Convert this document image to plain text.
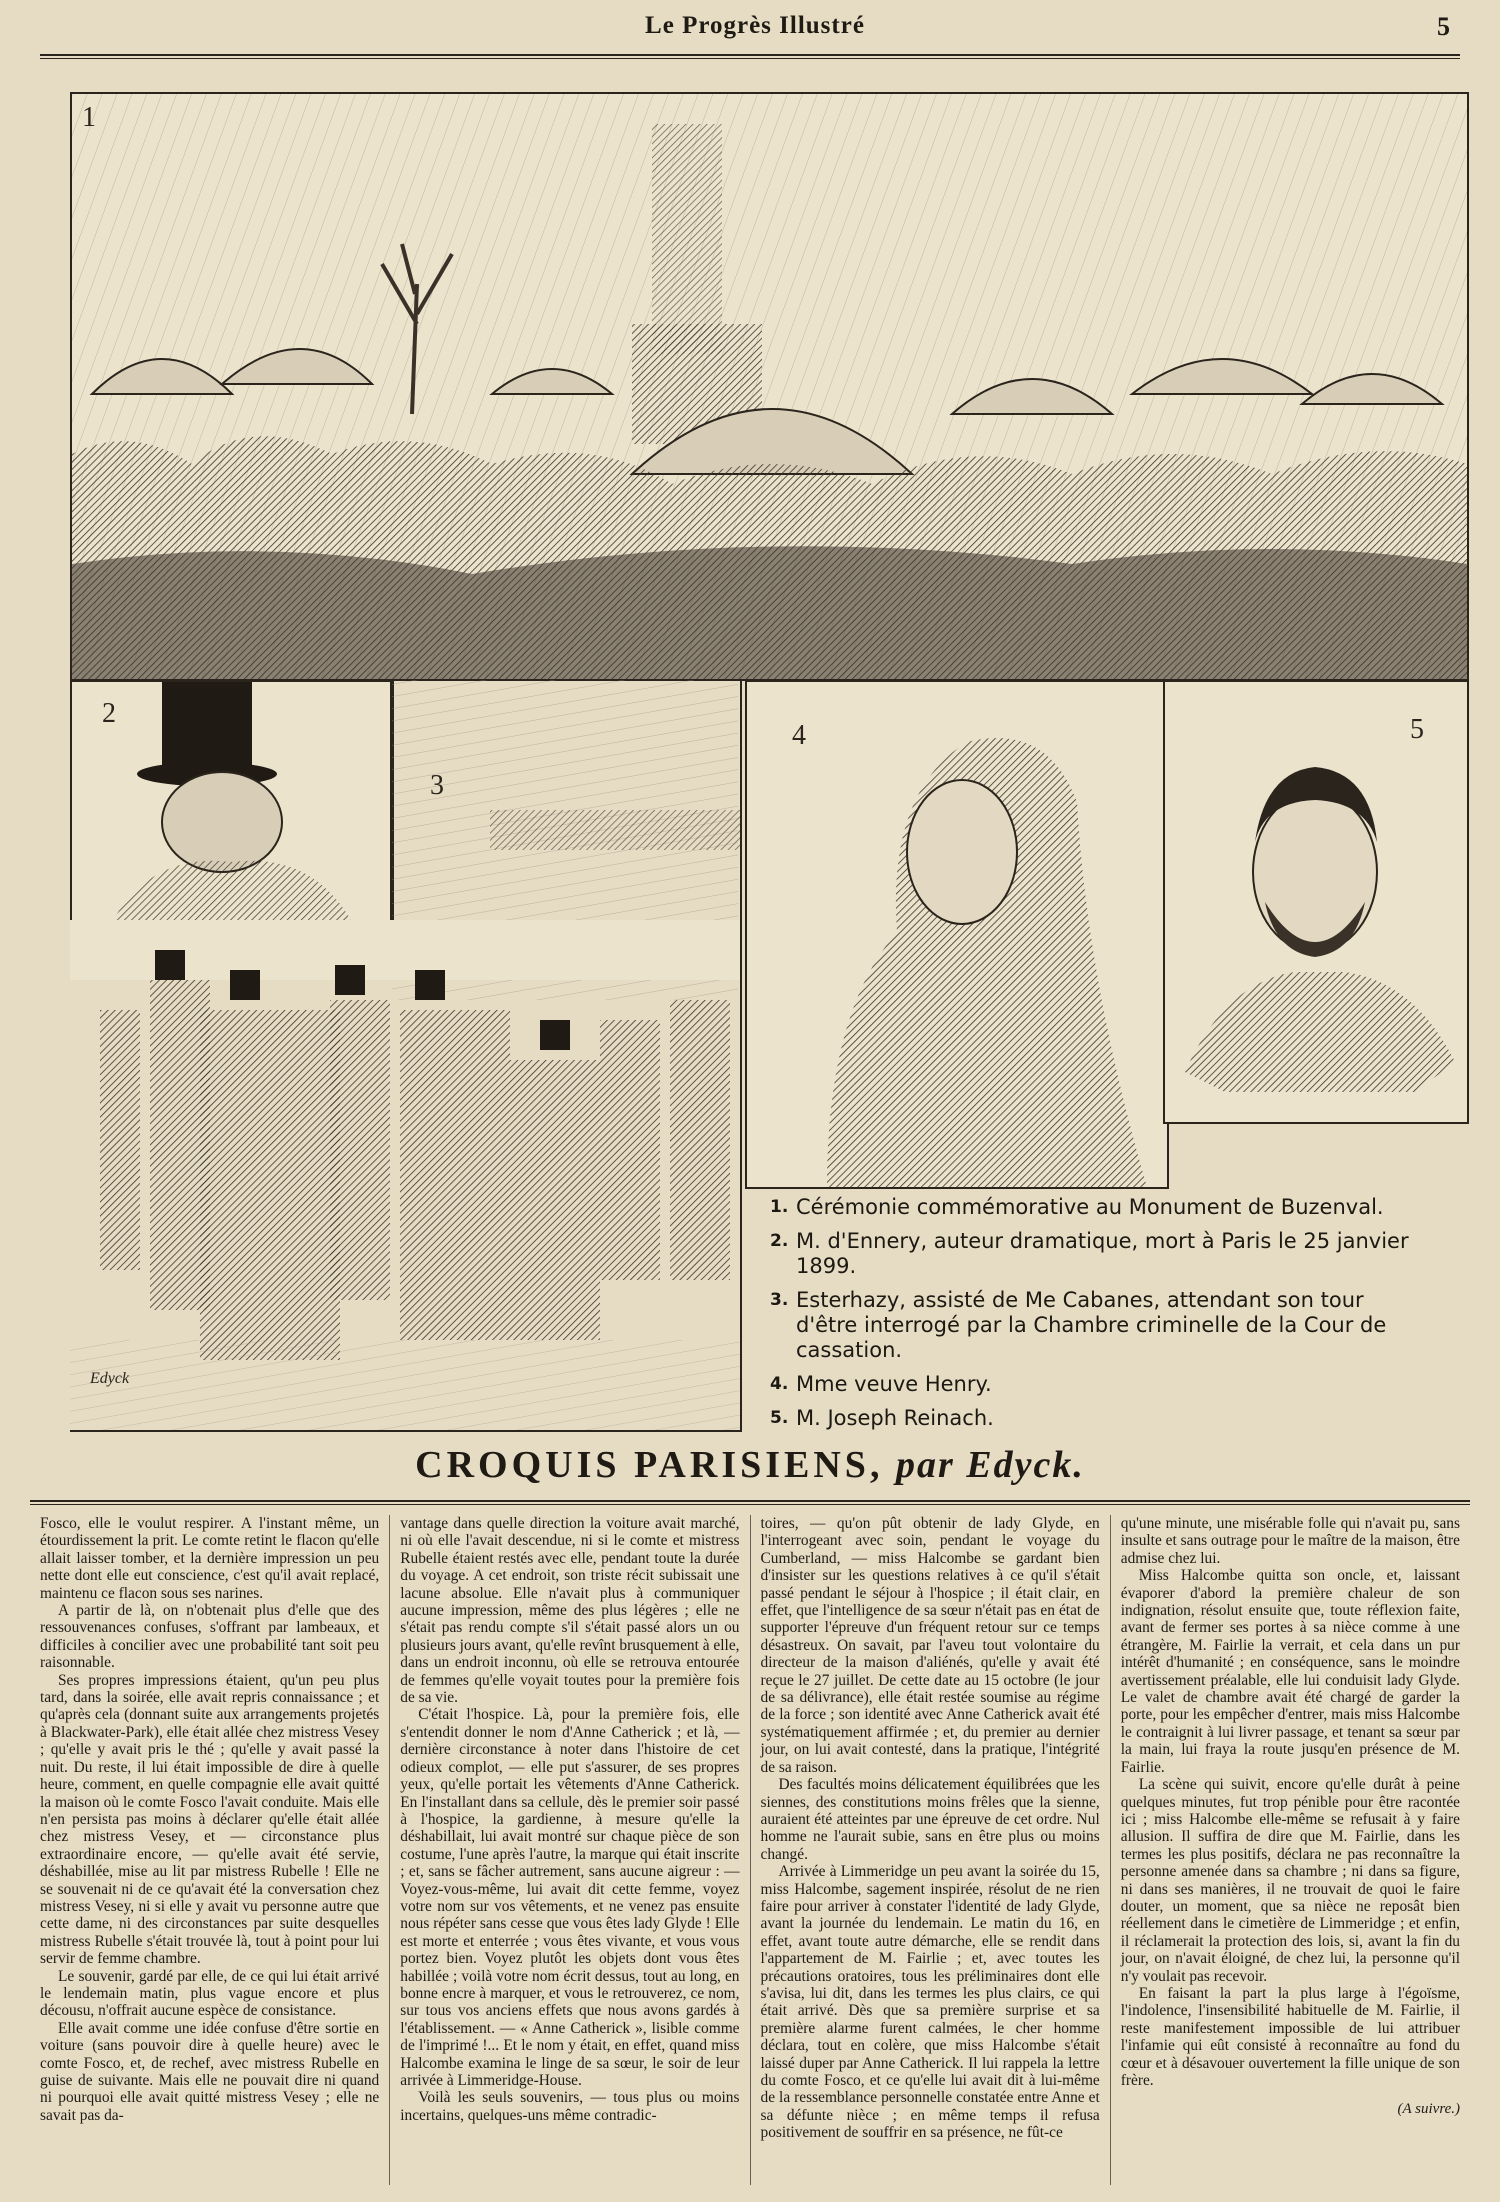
Le Progrès Illustré	5
1
2
3
Edyck
4	5
1. Cérémonie commémorative au Monument de Buzenval.
2. M. d'Ennery, auteur dramatique, mort à Paris le 25 janvier 1899.
3. Esterhazy, assisté de Me Cabanes, attendant son tour d'être interrogé par la Chambre criminelle de la Cour de cassation.
4. Mme veuve Henry.
5. M. Joseph Reinach.
CROQUIS PARISIENS, par Edyck.

Fosco, elle le voulut respirer. A l'instant même, un étourdissement la prit. Le comte retint le flacon qu'elle allait laisser tomber, et la dernière impression un peu nette dont elle eut conscience, c'est qu'il avait replacé, maintenu ce flacon sous ses narines.

A partir de là, on n'obtenait plus d'elle que des ressouvenances confuses, s'offrant par lambeaux, et difficiles à concilier avec une probabilité tant soit peu raisonnable.

Ses propres impressions étaient, qu'un peu plus tard, dans la soirée, elle avait repris connaissance ; et qu'après cela (donnant suite aux arrangements projetés à Blackwater-Park), elle était allée chez mistress Vesey ; qu'elle y avait pris le thé ; qu'elle y avait passé la nuit. Du reste, il lui était impossible de dire à quelle heure, comment, en quelle compagnie elle avait quitté la maison où le comte Fosco l'avait conduite. Mais elle n'en persista pas moins à déclarer qu'elle était allée chez mistress Vesey, et — circonstance plus extraordinaire encore, — qu'elle avait été servie, déshabillée, mise au lit par mistress Rubelle ! Elle ne se souvenait ni de ce qu'avait été la conversation chez mistress Vesey, ni si elle y avait vu personne autre que cette dame, ni des circonstances par suite desquelles mistress Rubelle s'était trouvée là, tout à point pour lui servir de femme chambre.

Le souvenir, gardé par elle, de ce qui lui était arrivé le lendemain matin, plus vague encore et plus décousu, n'offrait aucune espèce de consistance.

Elle avait comme une idée confuse d'être sortie en voiture (sans pouvoir dire à quelle heure) avec le comte Fosco, et, de rechef, avec mistress Rubelle en guise de suivante. Mais elle ne pouvait dire ni quand ni pourquoi elle avait quitté mistress Vesey ; elle ne savait pas da-

vantage dans quelle direction la voiture avait marché, ni où elle l'avait descendue, ni si le comte et mistress Rubelle étaient restés avec elle, pendant toute la durée du voyage. A cet endroit, son triste récit subissait une lacune absolue. Elle n'avait plus à communiquer aucune impression, même des plus légères ; elle ne s'était pas rendu compte s'il s'était passé alors un ou plusieurs jours avant, qu'elle revînt brusquement à elle, dans un endroit inconnu, où elle se retrouva entourée de femmes qu'elle voyait toutes pour la première fois de sa vie.

C'était l'hospice. Là, pour la première fois, elle s'entendit donner le nom d'Anne Catherick ; et là, — dernière circonstance à noter dans l'histoire de cet odieux complot, — elle put s'assurer, de ses propres yeux, qu'elle portait les vêtements d'Anne Catherick. En l'installant dans sa cellule, dès le premier soir passé à l'hospice, la gardienne, à mesure qu'elle la déshabillait, lui avait montré sur chaque pièce de son costume, l'une après l'autre, la marque qui était inscrite ; et, sans se fâcher autrement, sans aucune aigreur : — Voyez-vous-même, lui avait dit cette femme, voyez votre nom sur vos vêtements, et ne venez pas ensuite nous répéter sans cesse que vous êtes lady Glyde ! Elle est morte et enterrée ; vous êtes vivante, et vous vous portez bien. Voyez plutôt les objets dont vous êtes habillée ; voilà votre nom écrit dessus, tout au long, en bonne encre à marquer, et vous le retrouverez, ce nom, sur tous vos anciens effets que nous avons gardés à l'établissement. — « Anne Catherick », lisible comme de l'imprimé !... Et le nom y était, en effet, quand miss Halcombe examina le linge de sa sœur, le soir de leur arrivée à Limmeridge-House.

Voilà les seuls souvenirs, — tous plus ou moins incertains, quelques-uns même contradic-

toires, — qu'on pût obtenir de lady Glyde, en l'interrogeant avec soin, pendant le voyage du Cumberland, — miss Halcombe se gardant bien d'insister sur les questions relatives à ce qu'il s'était passé pendant le séjour à l'hospice ; il était clair, en effet, que l'intelligence de sa sœur n'était pas en état de supporter l'épreuve d'un fréquent retour sur ce temps désastreux. On savait, par l'aveu tout volontaire du directeur de la maison d'aliénés, qu'elle y avait été reçue le 27 juillet. De cette date au 15 octobre (le jour de sa délivrance), elle était restée soumise au régime de la force ; son identité avec Anne Catherick avait été systématiquement affirmée ; et, du premier au dernier jour, on lui avait contesté, dans la pratique, l'intégrité de sa raison.

Des facultés moins délicatement équilibrées que les siennes, des constitutions moins frêles que la sienne, auraient été atteintes par une épreuve de cet ordre. Nul homme ne l'aurait subie, sans en être plus ou moins changé.

Arrivée à Limmeridge un peu avant la soirée du 15, miss Halcombe, sagement inspirée, résolut de ne rien faire pour arriver à constater l'identité de lady Glyde, avant la journée du lendemain. Le matin du 16, en effet, avant toute autre démarche, elle se rendit dans l'appartement de M. Fairlie ; et, avec toutes les précautions oratoires, tous les préliminaires dont elle s'avisa, lui dit, dans les termes les plus clairs, ce qui était arrivé. Dès que sa première surprise et sa première alarme furent calmées, le cher homme déclara, tout en colère, que miss Halcombe s'était laissé duper par Anne Catherick. Il lui rappela la lettre du comte Fosco, et ce qu'elle lui avait dit à lui-même de la ressemblance personnelle constatée entre Anne et sa défunte nièce ; en même temps il refusa positivement de souffrir en sa présence, ne fût-ce

qu'une minute, une misérable folle qui n'avait pu, sans insulte et sans outrage pour le maître de la maison, être admise chez lui.

Miss Halcombe quitta son oncle, et, laissant évaporer d'abord la première chaleur de son indignation, résolut ensuite que, toute réflexion faite, avant de fermer ses portes à sa nièce comme à une étrangère, M. Fairlie la verrait, et cela dans un pur intérêt d'humanité ; en conséquence, sans le moindre avertissement préalable, elle lui conduisit lady Glyde. Le valet de chambre avait été chargé de garder la porte, pour les empêcher d'entrer, mais miss Halcombe le contraignit à lui livrer passage, et tenant sa sœur par la main, lui fraya la route jusqu'en présence de M. Fairlie.

La scène qui suivit, encore qu'elle durât à peine quelques minutes, fut trop pénible pour être racontée ici ; miss Halcombe elle-même se refusait à y faire allusion. Il suffira de dire que M. Fairlie, dans les termes les plus positifs, déclara ne pas reconnaître la personne amenée dans sa chambre ; ni dans sa figure, ni dans ses manières, il ne trouvait de quoi le faire douter, un moment, que sa nièce ne reposât bien réellement dans le cimetière de Limmeridge ; et enfin, il réclamerait la protection des lois, si, avant la fin du jour, on n'avait éloigné, de chez lui, la personne qu'il n'y voulait pas recevoir.

En faisant la part la plus large à l'égoïsme, l'indolence, l'insensibilité habituelle de M. Fairlie, il reste manifestement impossible de lui attribuer l'infamie qui eût consisté à reconnaître au fond du cœur et à désavouer ouvertement la fille unique de son frère.

(A suivre.)
